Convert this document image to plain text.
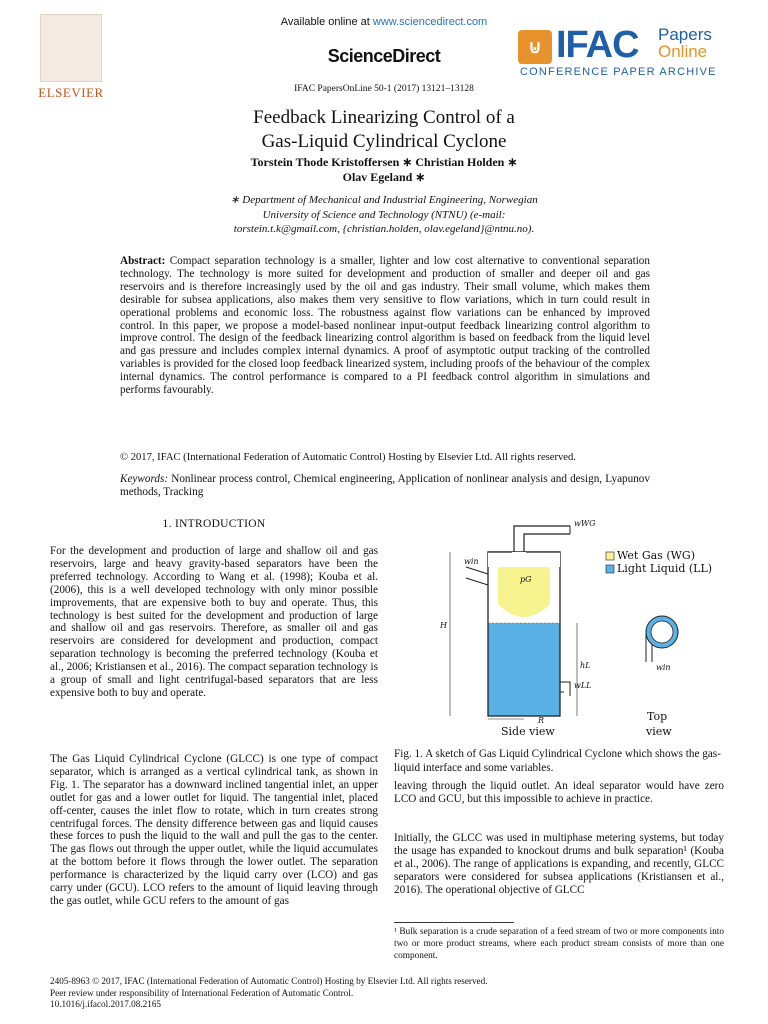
ELSEVIER
Available online at www.sciencedirect.com
ScienceDirect
IFAC PapersOnLine 50-1 (2017) 13121–13128
⊍ IFAC Papers
Online
CONFERENCE PAPER ARCHIVE
Feedback Linearizing Control of a
Gas-Liquid Cylindrical Cyclone
Torstein Thode Kristoffersen ∗ Christian Holden ∗
Olav Egeland ∗
∗ Department of Mechanical and Industrial Engineering, Norwegian
University of Science and Technology (NTNU) (e-mail:
torstein.t.k@gmail.com, {christian.holden, olav.egeland}@ntnu.no).

Abstract: Compact separation technology is a smaller, lighter and low cost alternative to conventional separation technology. The technology is more suited for development and production of smaller and deeper oil and gas reservoirs and is therefore increasingly used by the oil and gas industry. Their small volume, which makes them desirable for subsea applications, also makes them very sensitive to flow variations, which in turn could result in operational problems and economic loss. The robustness against flow variations can be enhanced by improved control. In this paper, we propose a model-based nonlinear input-output feedback linearizing control algorithm to improve control. The design of the feedback linearizing control algorithm is based on feedback from the liquid level and gas pressure and includes complex internal dynamics. A proof of asymptotic output tracking of the controlled variables is provided for the closed loop feedback linearized system, including proofs of the behaviour of the complex internal dynamics. The control performance is compared to a PI feedback control algorithm in simulations and performs favourably.

© 2017, IFAC (International Federation of Automatic Control) Hosting by Elsevier Ltd. All rights reserved.
Keywords: Nonlinear process control, Chemical engineering, Application of nonlinear analysis and design, Lyapunov methods, Tracking
1. INTRODUCTION

For the development and production of large and shallow oil and gas reservoirs, large and heavy gravity-based separators have been the preferred technology. According to Wang et al. (1998); Kouba et al. (2006), this is a well developed technology with only minor possible improvements, that are expensive both to buy and operate. Thus, this technology is best suited for the development and production of large and shallow oil and gas reservoirs. Therefore, as smaller oil and gas reservoirs are considered for development and production, compact separation technology is becoming the preferred technology (Kouba et al., 2006; Kristiansen et al., 2016). The compact separation technology is a group of small and light centrifugal-based separators that are less expensive both to buy and operate.

The Gas Liquid Cylindrical Cyclone (GLCC) is one type of compact separator, which is arranged as a vertical cylindrical tank, as shown in Fig. 1. The separator has a downward inclined tangential inlet, an upper outlet for gas and a lower outlet for liquid. The tangential inlet, placed off-center, causes the inlet flow to rotate, which in turn creates strong centrifugal forces. The density difference between gas and liquid causes these forces to push the liquid to the wall and pull the gas to the center. The gas flows out through the upper outlet, while the liquid accumulates at the bottom before it flows through the lower outlet. The separation performance is characterized by the liquid carry over (LCO) and gas carry under (GCU). LCO refers to the amount of liquid leaving through the gas outlet, while GCU refers to the amount of gas

Wet Gas (WG)
Light Liquid (LL)
wWG
win
pG
H
hL
wLL
R
win
Side view
Top
view
Fig. 1. A sketch of Gas Liquid Cylindrical Cyclone which shows the gas-liquid interface and some variables.

leaving through the liquid outlet. An ideal separator would have zero LCO and GCU, but this impossible to achieve in practice.

Initially, the GLCC was used in multiphase metering systems, but today the usage has expanded to knockout drums and bulk separation¹ (Kouba et al., 2006). The range of applications is expanding, and recently, GLCC separators were considered for subsea applications (Kristiansen et al., 2016). The operational objective of GLCC

¹ Bulk separation is a crude separation of a feed stream of two or more components into two or more product streams, where each product stream consists of more than one component.
2405-8963 © 2017, IFAC (International Federation of Automatic Control) Hosting by Elsevier Ltd. All rights reserved.
Peer review under responsibility of International Federation of Automatic Control.
10.1016/j.ifacol.2017.08.2165
